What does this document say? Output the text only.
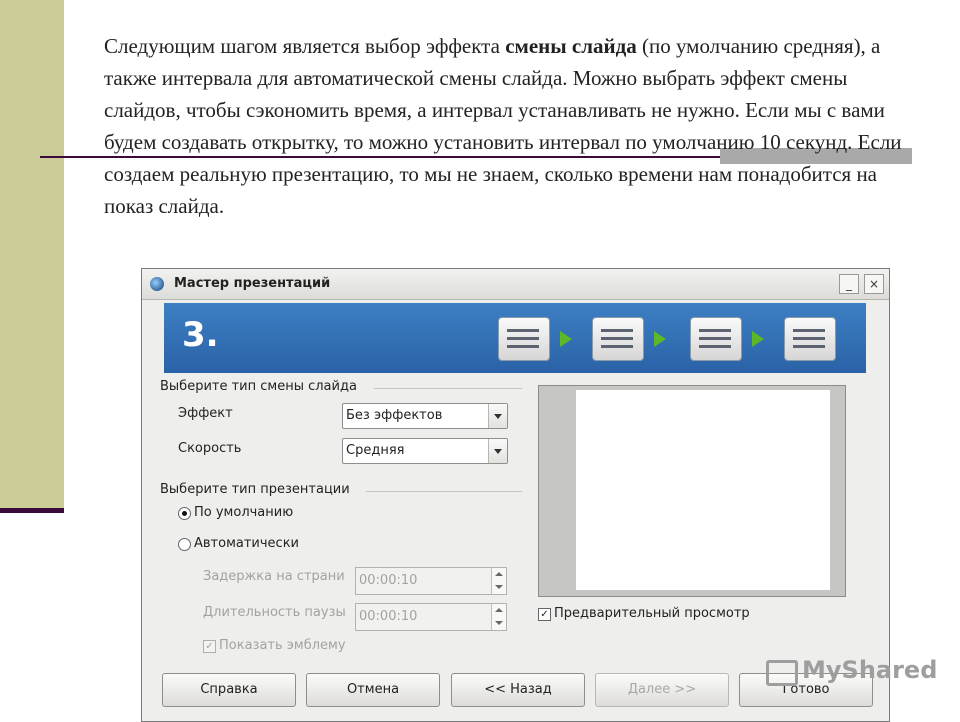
Следующим шагом является выбор эффекта смены слайда (по умолчанию средняя), а также интервала для автоматической смены слайда. Можно выбрать эффект смены слайдов, чтобы сэкономить время, а интервал устанавливать не нужно. Если мы с вами будем создавать открытку, то можно установить интервал по умолчанию 10 секунд. Если создаем реальную презентацию, то мы не знаем, сколько времени нам понадобится на показ слайда.
Мастер презентаций	_	×
3.
Выберите тип смены слайда
Эффект	Без эффектов
Скорость	Средняя
Выберите тип презентации
По умолчанию
Автоматически
Задержка на страни	00:00:10
Длительность паузы	00:00:10
✓ Показать эмблему
✓ Предварительный просмотр
Справка	Отмена	<< Назад	Далее >>	Готово
MyShared
